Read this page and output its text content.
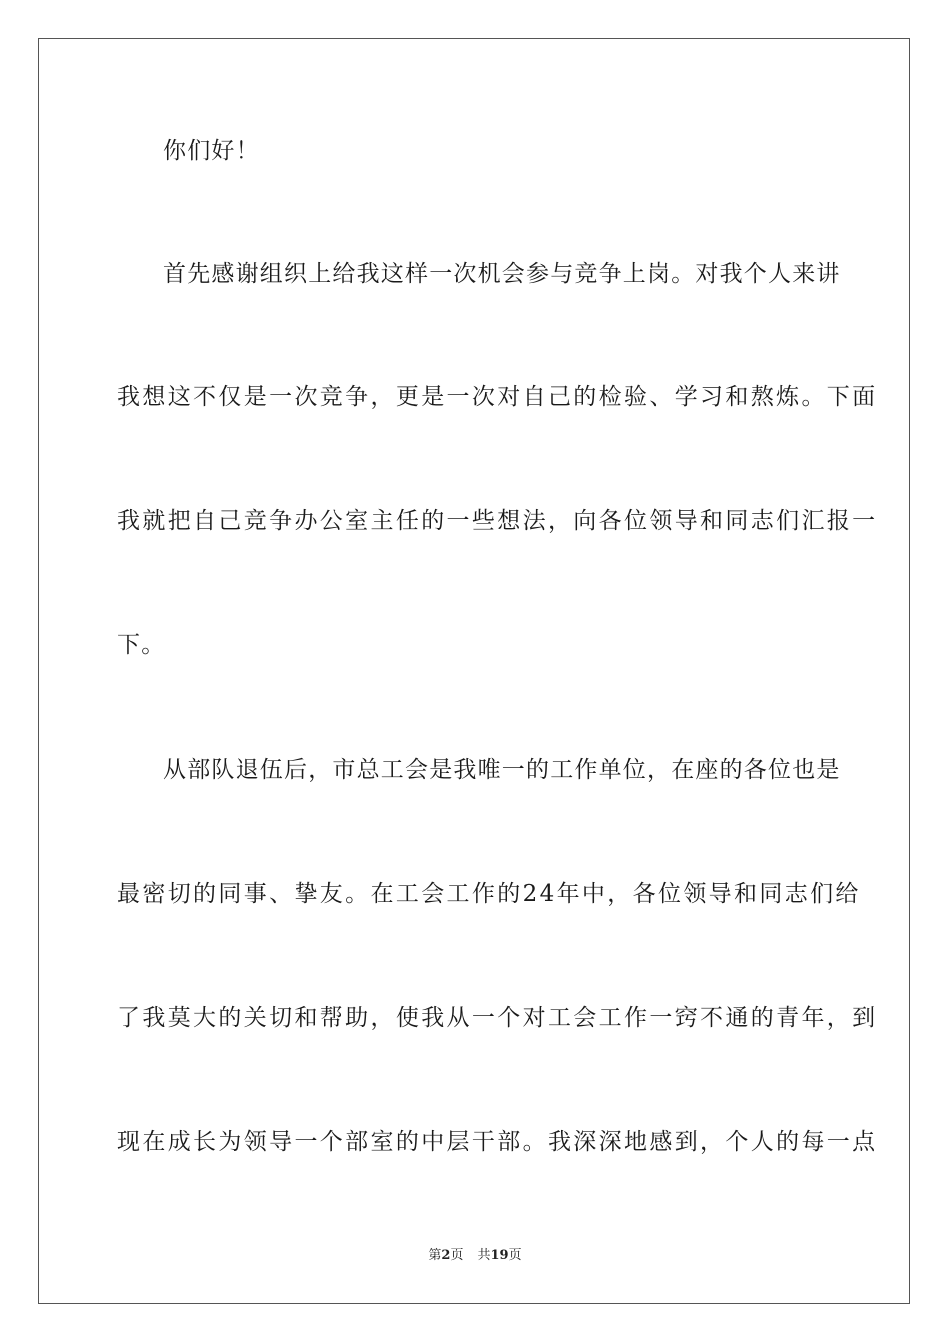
你们好！
首先感谢组织上给我这样一次机会参与竞争上岗。对我个人来讲
我想这不仅是一次竞争，更是一次对自己的检验、学习和熬炼。下面
我就把自己竞争办公室主任的一些想法，向各位领导和同志们汇报一
下。
从部队退伍后，市总工会是我唯一的工作单位，在座的各位也是
最密切的同事、挚友。在工会工作的24年中，各位领导和同志们给
了我莫大的关切和帮助，使我从一个对工会工作一窍不通的青年，到
现在成长为领导一个部室的中层干部。我深深地感到，个人的每一点
第2页 共19页
